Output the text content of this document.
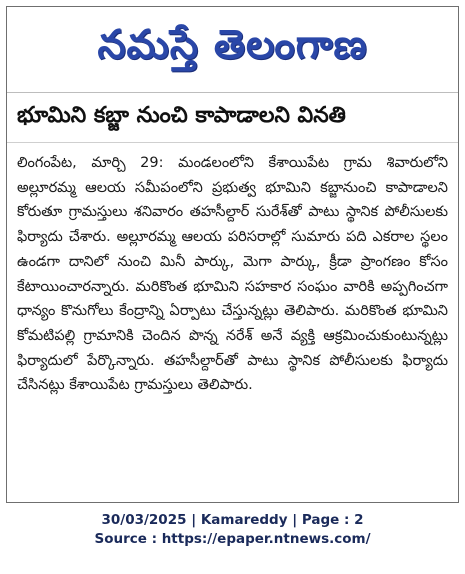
నమస్తే తెలంగాణ
భూమిని కబ్జా నుంచి కాపాడాలని వినతి
లింగంపేట, మార్చి 29: మండలంలోని కేశాయిపేట గ్రామ శివారులోని అల్లూరమ్మ ఆలయ సమీపంలోని ప్రభుత్వ భూమిని కబ్జానుంచి కాపాడాలని కోరుతూ గ్రామస్తులు శనివారం తహసీల్దార్ సురేశ్‌తో పాటు స్థానిక పోలీసులకు ఫిర్యాదు చేశారు. అల్లూరమ్మ ఆలయ పరిసరాల్లో సుమారు పది ఎకరాల స్థలం ఉండగా దానిలో నుంచి మినీ పార్కు, మెగా పార్కు, క్రీడా ప్రాంగణం కోసం కేటాయించారన్నారు. మరికొంత భూమిని సహకార సంఘం వారికి అప్పగించగా ధాన్యం కొనుగోలు కేంద్రాన్ని ఏర్పాటు చేస్తున్నట్లు తెలిపారు. మరికొంత భూమిని కోమటిపల్లి గ్రామానికి చెందిన పొన్న నరేశ్ అనే వ్యక్తి ఆక్రమించుకుంటున్నట్లు ఫిర్యాదులో పేర్కొన్నారు. తహసీల్దార్‌తో పాటు స్థానిక పోలీసులకు ఫిర్యాదు చేసినట్లు కేశాయిపేట గ్రామస్తులు తెలిపారు.
30/03/2025 | Kamareddy | Page : 2
Source : https://epaper.ntnews.com/
